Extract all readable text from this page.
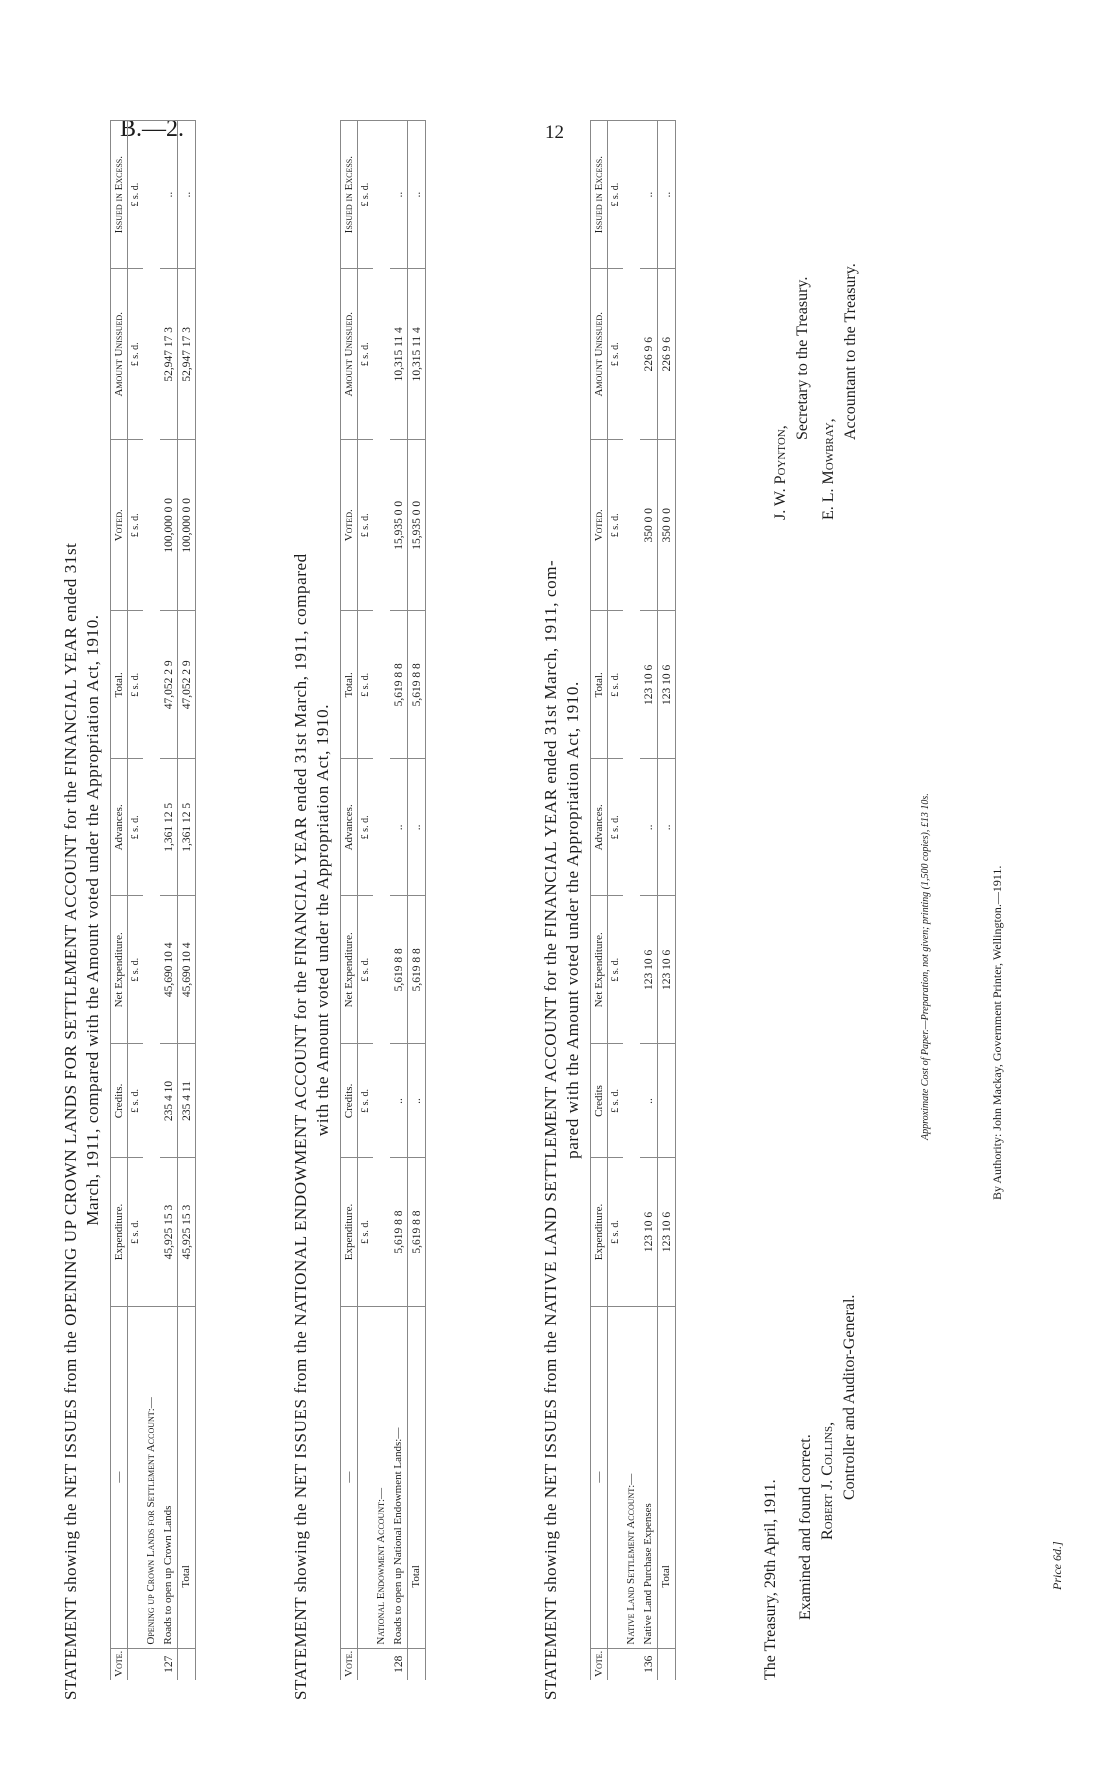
B.—2.	12
STATEMENT showing the NET ISSUES from the OPENING UP CROWN LANDS FOR SETTLEMENT ACCOUNT for the FINANCIAL YEAR ended 31st March, 1911, compared with the Amount voted under the Appropriation Act, 1910.
Vote.	—	Expenditure.	Credits.	Net Expenditure.	Advances.	Total.	Voted.	Amount Unissued.	Issued in Excess.
		£ s. d.	£ s. d.	£ s. d.	£ s. d.	£ s. d.	£ s. d.	£ s. d.	£ s. d.
	Opening up Crown Lands for Settlement Account:—								
127	Roads to open up Crown Lands	45,925 15 3	235 4 10	45,690 10 4	1,361 12 5	47,052 2 9	100,000 0 0	52,947 17 3	..
	Total	45,925 15 3	235 4 11	45,690 10 4	1,361 12 5	47,052 2 9	100,000 0 0	52,947 17 3	..
STATEMENT showing the NET ISSUES from the NATIONAL ENDOWMENT ACCOUNT for the FINANCIAL YEAR ended 31st March, 1911, compared with the Amount voted under the Appropriation Act, 1910.
Vote.	—	Expenditure.	Credits.	Net Expenditure.	Advances.	Total.	Voted.	Amount Unissued.	Issued in Excess.
		£ s. d.	£ s. d.	£ s. d.	£ s. d.	£ s. d.	£ s. d.	£ s. d.	£ s. d.
	National Endowment Account:—								
128	Roads to open up National Endowment Lands:—	5,619 8 8	..	5,619 8 8	..	5,619 8 8	15,935 0 0	10,315 11 4	..
	Total	5,619 8 8	..	5,619 8 8	..	5,619 8 8	15,935 0 0	10,315 11 4	..
STATEMENT showing the NET ISSUES from the NATIVE LAND SETTLEMENT ACCOUNT for the FINANCIAL YEAR ended 31st March, 1911, com- pared with the Amount voted under the Appropriation Act, 1910.
Vote.	—	Expenditure.	Credits	Net Expenditure.	Advances.	Total.	Voted.	Amount Unissued.	Issued in Excess.
		£ s. d.	£ s. d.	£ s. d.	£ s. d.	£ s. d.	£ s. d.	£ s. d.	£ s. d.
	Native Land Settlement Account:—								
136	Native Land Purchase Expenses	123 10 6	..	123 10 6	..	123 10 6	350 0 0	226 9 6	..
	Total	123 10 6		123 10 6	..	123 10 6	350 0 0	226 9 6	..
The Treasury, 29th April, 1911. Examined and found correct. Robert J. Collins, Controller and Auditor-General.
J. W. Poynton,
Secretary to the Treasury.
E. L. Mowbray,
Accountant to the Treasury.
Approximate Cost of Paper.—Preparation, not given; printing (1,500 copies), £13 10s.	By Authority: John Mackay, Government Printer, Wellington.—1911.
Price 6d.]
